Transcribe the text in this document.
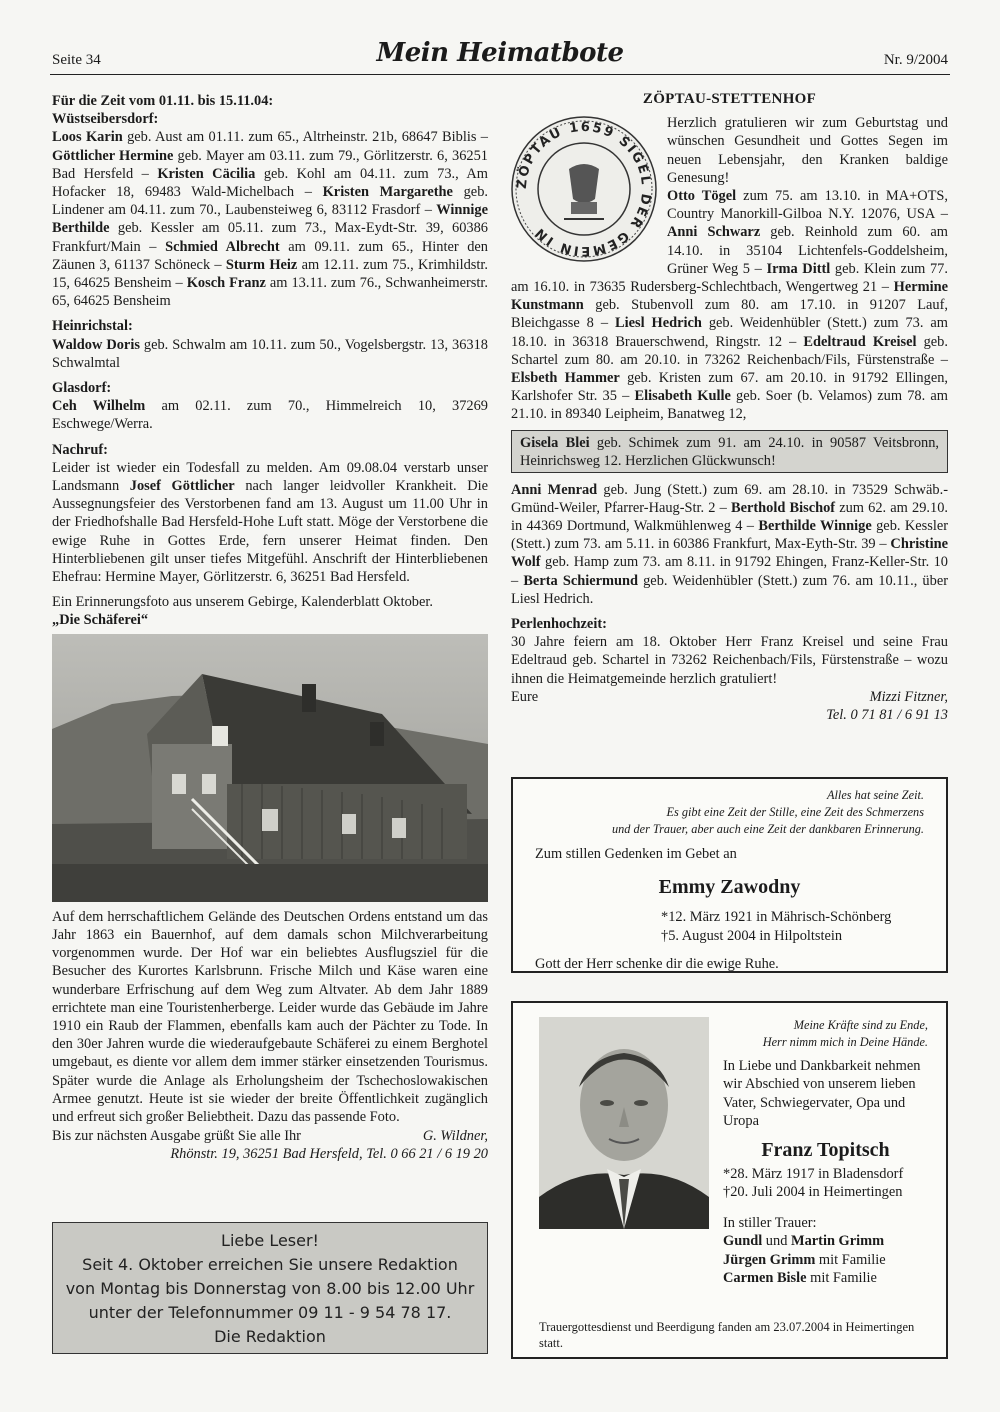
Seite 34	Mein Heimatbote	Nr. 9/2004
Für die Zeit vom 01.11. bis 15.11.04:
Wüstseibersdorf:

Loos Karin geb. Aust am 01.11. zum 65., Altrheinstr. 21b, 68647 Biblis – Göttlicher Hermine geb. Mayer am 03.11. zum 79., Görlitzerstr. 6, 36251 Bad Hersfeld – Kristen Cäcilia geb. Kohl am 04.11. zum 73., Am Hofacker 18, 69483 Wald-Michelbach – Kristen Margarethe geb. Lindener am 04.11. zum 70., Laubensteiweg 6, 83112 Frasdorf – Winnige Berthilde geb. Kessler am 05.11. zum 73., Max-Eydt-Str. 39, 60386 Frankfurt/Main – Schmied Albrecht am 09.11. zum 65., Hinter den Zäunen 3, 61137 Schöneck – Sturm Heiz am 12.11. zum 75., Krimhildstr. 15, 64625 Bensheim – Kosch Franz am 13.11. zum 76., Schwanheimerstr. 65, 64625 Bensheim

Heinrichstal:

Waldow Doris geb. Schwalm am 10.11. zum 50., Vogelsbergstr. 13, 36318 Schwalmtal

Glasdorf:

Ceh Wilhelm am 02.11. zum 70., Himmelreich 10, 37269 Eschwege/Werra.

Nachruf:

Leider ist wieder ein Todesfall zu melden. Am 09.08.04 verstarb unser Landsmann Josef Göttlicher nach langer leidvoller Krankheit. Die Aussegnungsfeier des Verstorbenen fand am 13. August um 11.00 Uhr in der Friedhofshalle Bad Hersfeld-Hohe Luft statt. Möge der Verstorbene die ewige Ruhe in Gottes Erde, fern unserer Heimat finden. Den Hinterbliebenen gilt unser tiefes Mitgefühl. Anschrift der Hinterbliebenen Ehefrau: Hermine Mayer, Görlitzerstr. 6, 36251 Bad Hersfeld.

Ein Erinnerungsfoto aus unserem Gebirge, Kalenderblatt Oktober.

„Die Schäferei“

Auf dem herrschaftlichem Gelände des Deutschen Ordens entstand um das Jahr 1863 ein Bauernhof, auf dem damals schon Milchverarbeitung vorgenommen wurde. Der Hof war ein beliebtes Ausflugsziel für die Besucher des Kurortes Karlsbrunn. Frische Milch und Käse waren eine wunderbare Erfrischung auf dem Weg zum Altvater. Ab dem Jahr 1889 errichtete man eine Touristenherberge. Leider wurde das Gebäude im Jahre 1910 ein Raub der Flammen, ebenfalls kam auch der Pächter zu Tode. In den 30er Jahren wurde die wiederaufgebaute Schäferei zu einem Berghotel umgebaut, es diente vor allem dem immer stärker einsetzenden Tourismus. Später wurde die Anlage als Erholungsheim der Tschechoslowakischen Armee genutzt. Heute ist sie wieder der breite Öffentlichkeit zugänglich und erfreut sich großer Beliebtheit. Dazu das passende Foto.

Bis zur nächsten Ausgabe grüßt Sie alle Ihr	G. Wildner,
Rhönstr. 19, 36251 Bad Hersfeld, Tel. 0 66 21 / 6 19 20
Liebe Leser!
Seit 4. Oktober erreichen Sie unsere Redaktion
von Montag bis Donnerstag von 8.00 bis 12.00 Uhr
unter der Telefonnummer 09 11 - 9 54 78 17.
Die Redaktion
ZÖPTAU-STETTENHOF
ZÖPTAU 1659 SIGEL DER GEMEIN IN

Herzlich gratulieren wir zum Geburtstag und wünschen Gesundheit und Gottes Segen im neuen Lebensjahr, den Kranken baldige Genesung!

Otto Tögel zum 75. am 13.10. in MA+OTS, Country Manorkill-Gilboa N.Y. 12076, USA – Anni Schwarz geb. Reinhold zum 60. am 14.10. in 35104 Lichtenfels-Goddelsheim, Grüner Weg 5 – Irma Dittl geb. Klein zum 77. am 16.10. in 73635 Rudersberg-Schlechtbach, Wengertweg 21 – Hermine Kunstmann geb. Stubenvoll zum 80. am 17.10. in 91207 Lauf, Bleichgasse 8 – Liesl Hedrich geb. Weidenhübler (Stett.) zum 73. am 18.10. in 36318 Brauerschwend, Ringstr. 12 – Edeltraud Kreisel geb. Schartel zum 80. am 20.10. in 73262 Reichenbach/Fils, Fürstenstraße – Elsbeth Hammer geb. Kristen zum 67. am 20.10. in 91792 Ellingen, Karlshofer Str. 35 – Elisabeth Kulle geb. Soer (b. Velamos) zum 78. am 21.10. in 89340 Leipheim, Banatweg 12,

Gisela Blei geb. Schimek zum 91. am 24.10. in 90587 Veitsbronn, Heinrichsweg 12. Herzlichen Glückwunsch!

Anni Menrad geb. Jung (Stett.) zum 69. am 28.10. in 73529 Schwäb.-Gmünd-Weiler, Pfarrer-Haug-Str. 2 – Berthold Bischof zum 62. am 29.10. in 44369 Dortmund, Walkmühlenweg 4 – Berthilde Winnige geb. Kessler (Stett.) zum 73. am 5.11. in 60386 Frankfurt, Max-Eyth-Str. 39 – Christine Wolf geb. Hamp zum 73. am 8.11. in 91792 Ehingen, Franz-Keller-Str. 10 – Berta Schiermund geb. Weidenhübler (Stett.) zum 76. am 10.11., über Liesl Hedrich.

Perlenhochzeit:

30 Jahre feiern am 18. Oktober Herr Franz Kreisel und seine Frau Edeltraud geb. Schartel in 73262 Reichenbach/Fils, Fürstenstraße – wozu ihnen die Heimatgemeinde herzlich gratuliert!

Eure	Mizzi Fitzner,
Tel. 0 71 81 / 6 91 13
Alles hat seine Zeit.
Es gibt eine Zeit der Stille, eine Zeit des Schmerzens
und der Trauer, aber auch eine Zeit der dankbaren Erinnerung.
Zum stillen Gedenken im Gebet an
Emmy Zawodny
*12. März 1921 in Mährisch-Schönberg
†5. August 2004 in Hilpoltstein
Gott der Herr schenke dir die ewige Ruhe.
Meine Kräfte sind zu Ende,
Herr nimm mich in Deine Hände.
In Liebe und Dankbarkeit nehmen wir Abschied von unserem lieben Vater, Schwiegervater, Opa und Uropa
Franz Topitsch
*28. März 1917 in Bladensdorf
†20. Juli 2004 in Heimertingen
In stiller Trauer:
Gundl und Martin Grimm
Jürgen Grimm mit Familie
Carmen Bisle mit Familie
Trauergottesdienst und Beerdigung fanden am 23.07.2004 in Heimertingen statt.
